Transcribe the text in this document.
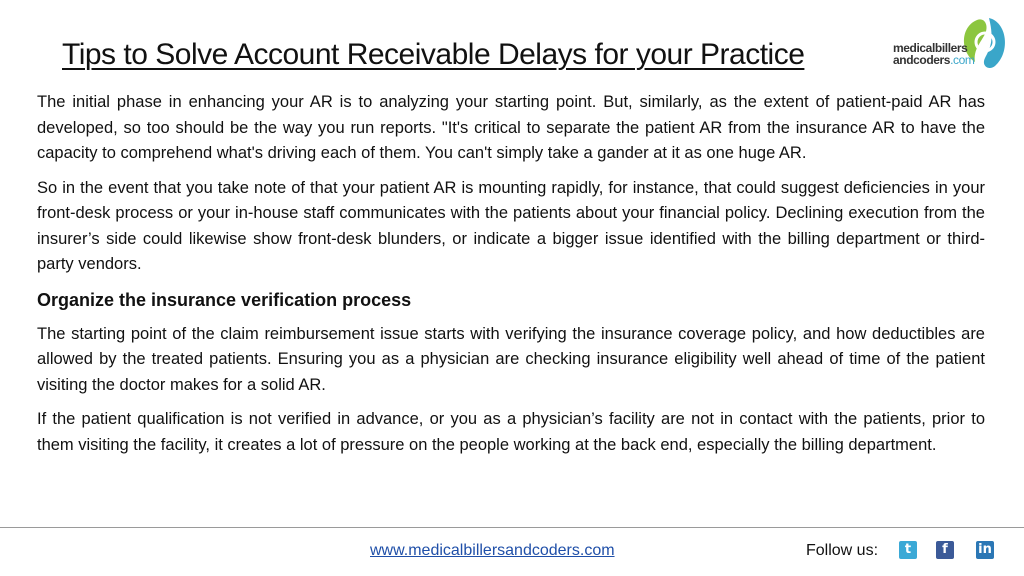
Tips to Solve Account Receivable Delays for your Practice	medicalbillers
andcoders.com

The initial phase in enhancing your AR is to analyzing your starting point. But, similarly, as the extent of patient-paid AR has developed, so too should be the way you run reports. "It's critical to separate the patient AR from the insurance AR to have the capacity to comprehend what's driving each of them. You can't simply take a gander at it as one huge AR.

So in the event that you take note of that your patient AR is mounting rapidly, for instance, that could suggest deficiencies in your front-desk process or your in-house staff communicates with the patients about your financial policy. Declining execution from the insurer’s side could likewise show front-desk blunders, or indicate a bigger issue identified with the billing department or third-party vendors.

Organize the insurance verification process

The starting point of the claim reimbursement issue starts with verifying the insurance coverage policy, and how deductibles are allowed by the treated patients. Ensuring you as a physician are checking insurance eligibility well ahead of time of the patient visiting the doctor makes for a solid AR.

If the patient qualification is not verified in advance, or you as a physician’s facility are not in contact with the patients, prior to them visiting the facility, it creates a lot of pressure on the people working at the back end, especially the billing department.

www.medicalbillersandcoders.com	Follow us:	t	f	in
